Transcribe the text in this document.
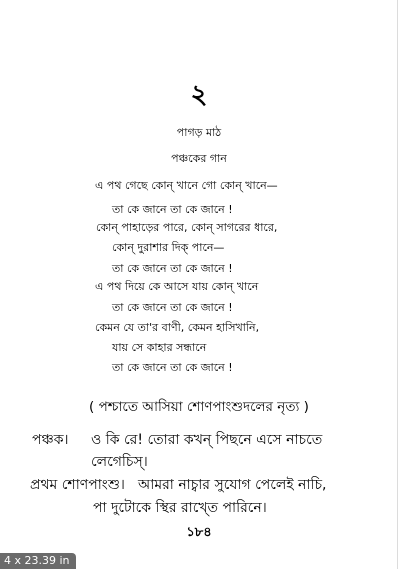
২
পাগড় মাঠ
পঞ্চকের গান
এ পথ গেছে কোন্ খানে গো কোন্ খানে—
তা কে জানে তা কে জানে !
কোন্ পাহাড়ের পারে, কোন্ সাগরের ধারে,
কোন্ দুরাশার দিক্ পানে—
তা কে জানে তা কে জানে !
এ পথ দিয়ে কে আসে যায় কোন্ খানে
তা কে জানে তা কে জানে !
কেমন যে তা'র বাণী, কেমন হাসিখানি,
যায় সে কাহার সন্ধানে
তা কে জানে তা কে জানে !
( পশ্চাতে আসিয়া শোণপাংশুদলের নৃত্য )
পঞ্চক। ও কি রে! তোরা কখন্ পিছনে এসে নাচতে
লেগেচিস্।
প্রথম শোণপাংশু। আমরা নাচ্বার সুযোগ পেলেই নাচি,
পা দুটোকে স্থির রাখ্তে পারিনে।
১৮৪
4 x 23.39 in
